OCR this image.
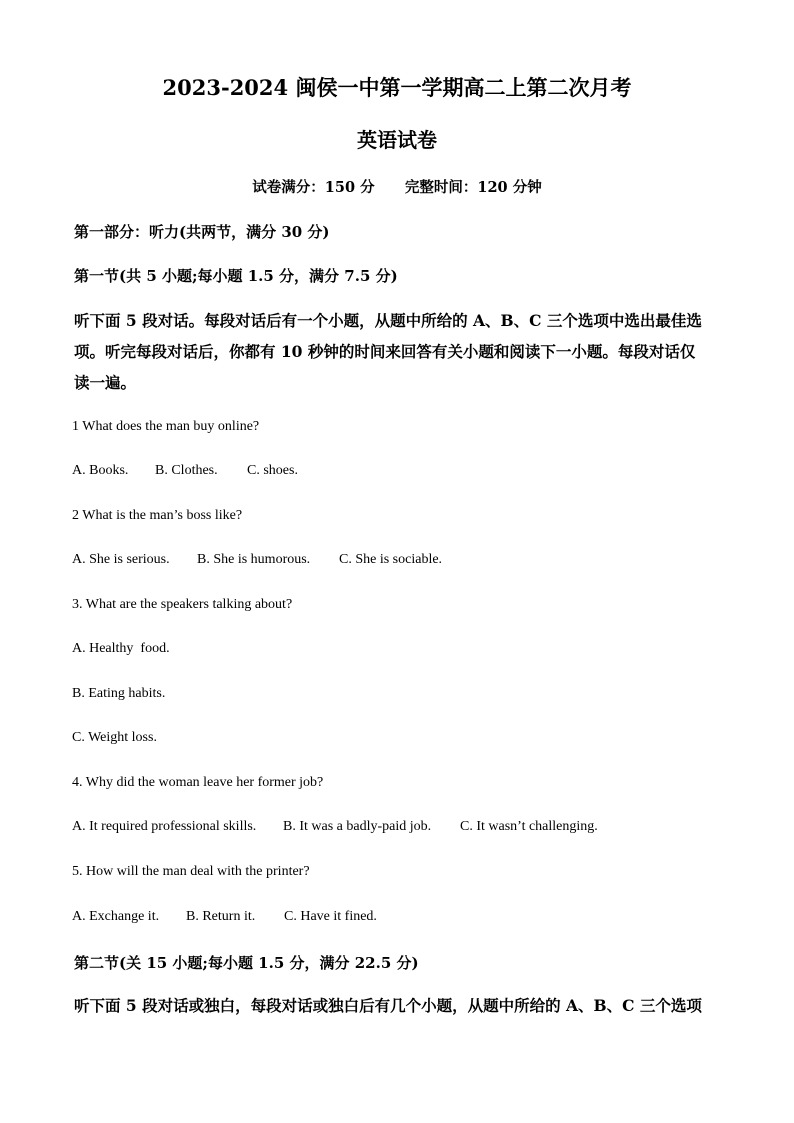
2023-2024 闽侯一中第一学期高二上第二次月考
英语试卷
试卷满分：150 分      完整时间：120 分钟
第一部分：听力(共两节，满分 30 分)
第一节(共 5 小题;每小题 1.5 分，满分 7.5 分)
听下面 5 段对话。每段对话后有一个小题，从题中所给的 A、B、C 三个选项中选出最佳选
项。听完每段对话后，你都有 10 秒钟的时间来回答有关小题和阅读下一小题。每段对话仅
读一遍。
1 What does the man buy online?
A. Books. B. Clothes. C. shoes.
2 What is the man’s boss like?
A. She is serious. B. She is humorous. C. She is sociable.
3. What are the speakers talking about?
A. Healthy  food.
B. Eating habits.
C. Weight loss.
4. Why did the woman leave her former job?
A. It required professional skills. B. It was a badly-paid job. C. It wasn’t challenging.
5. How will the man deal with the printer?
A. Exchange it. B. Return it. C. Have it fined.
第二节(关 15 小题;每小题 1.5 分，满分 22.5 分)
听下面 5 段对话或独白，每段对话或独白后有几个小题，从题中所给的 A、B、C 三个选项
